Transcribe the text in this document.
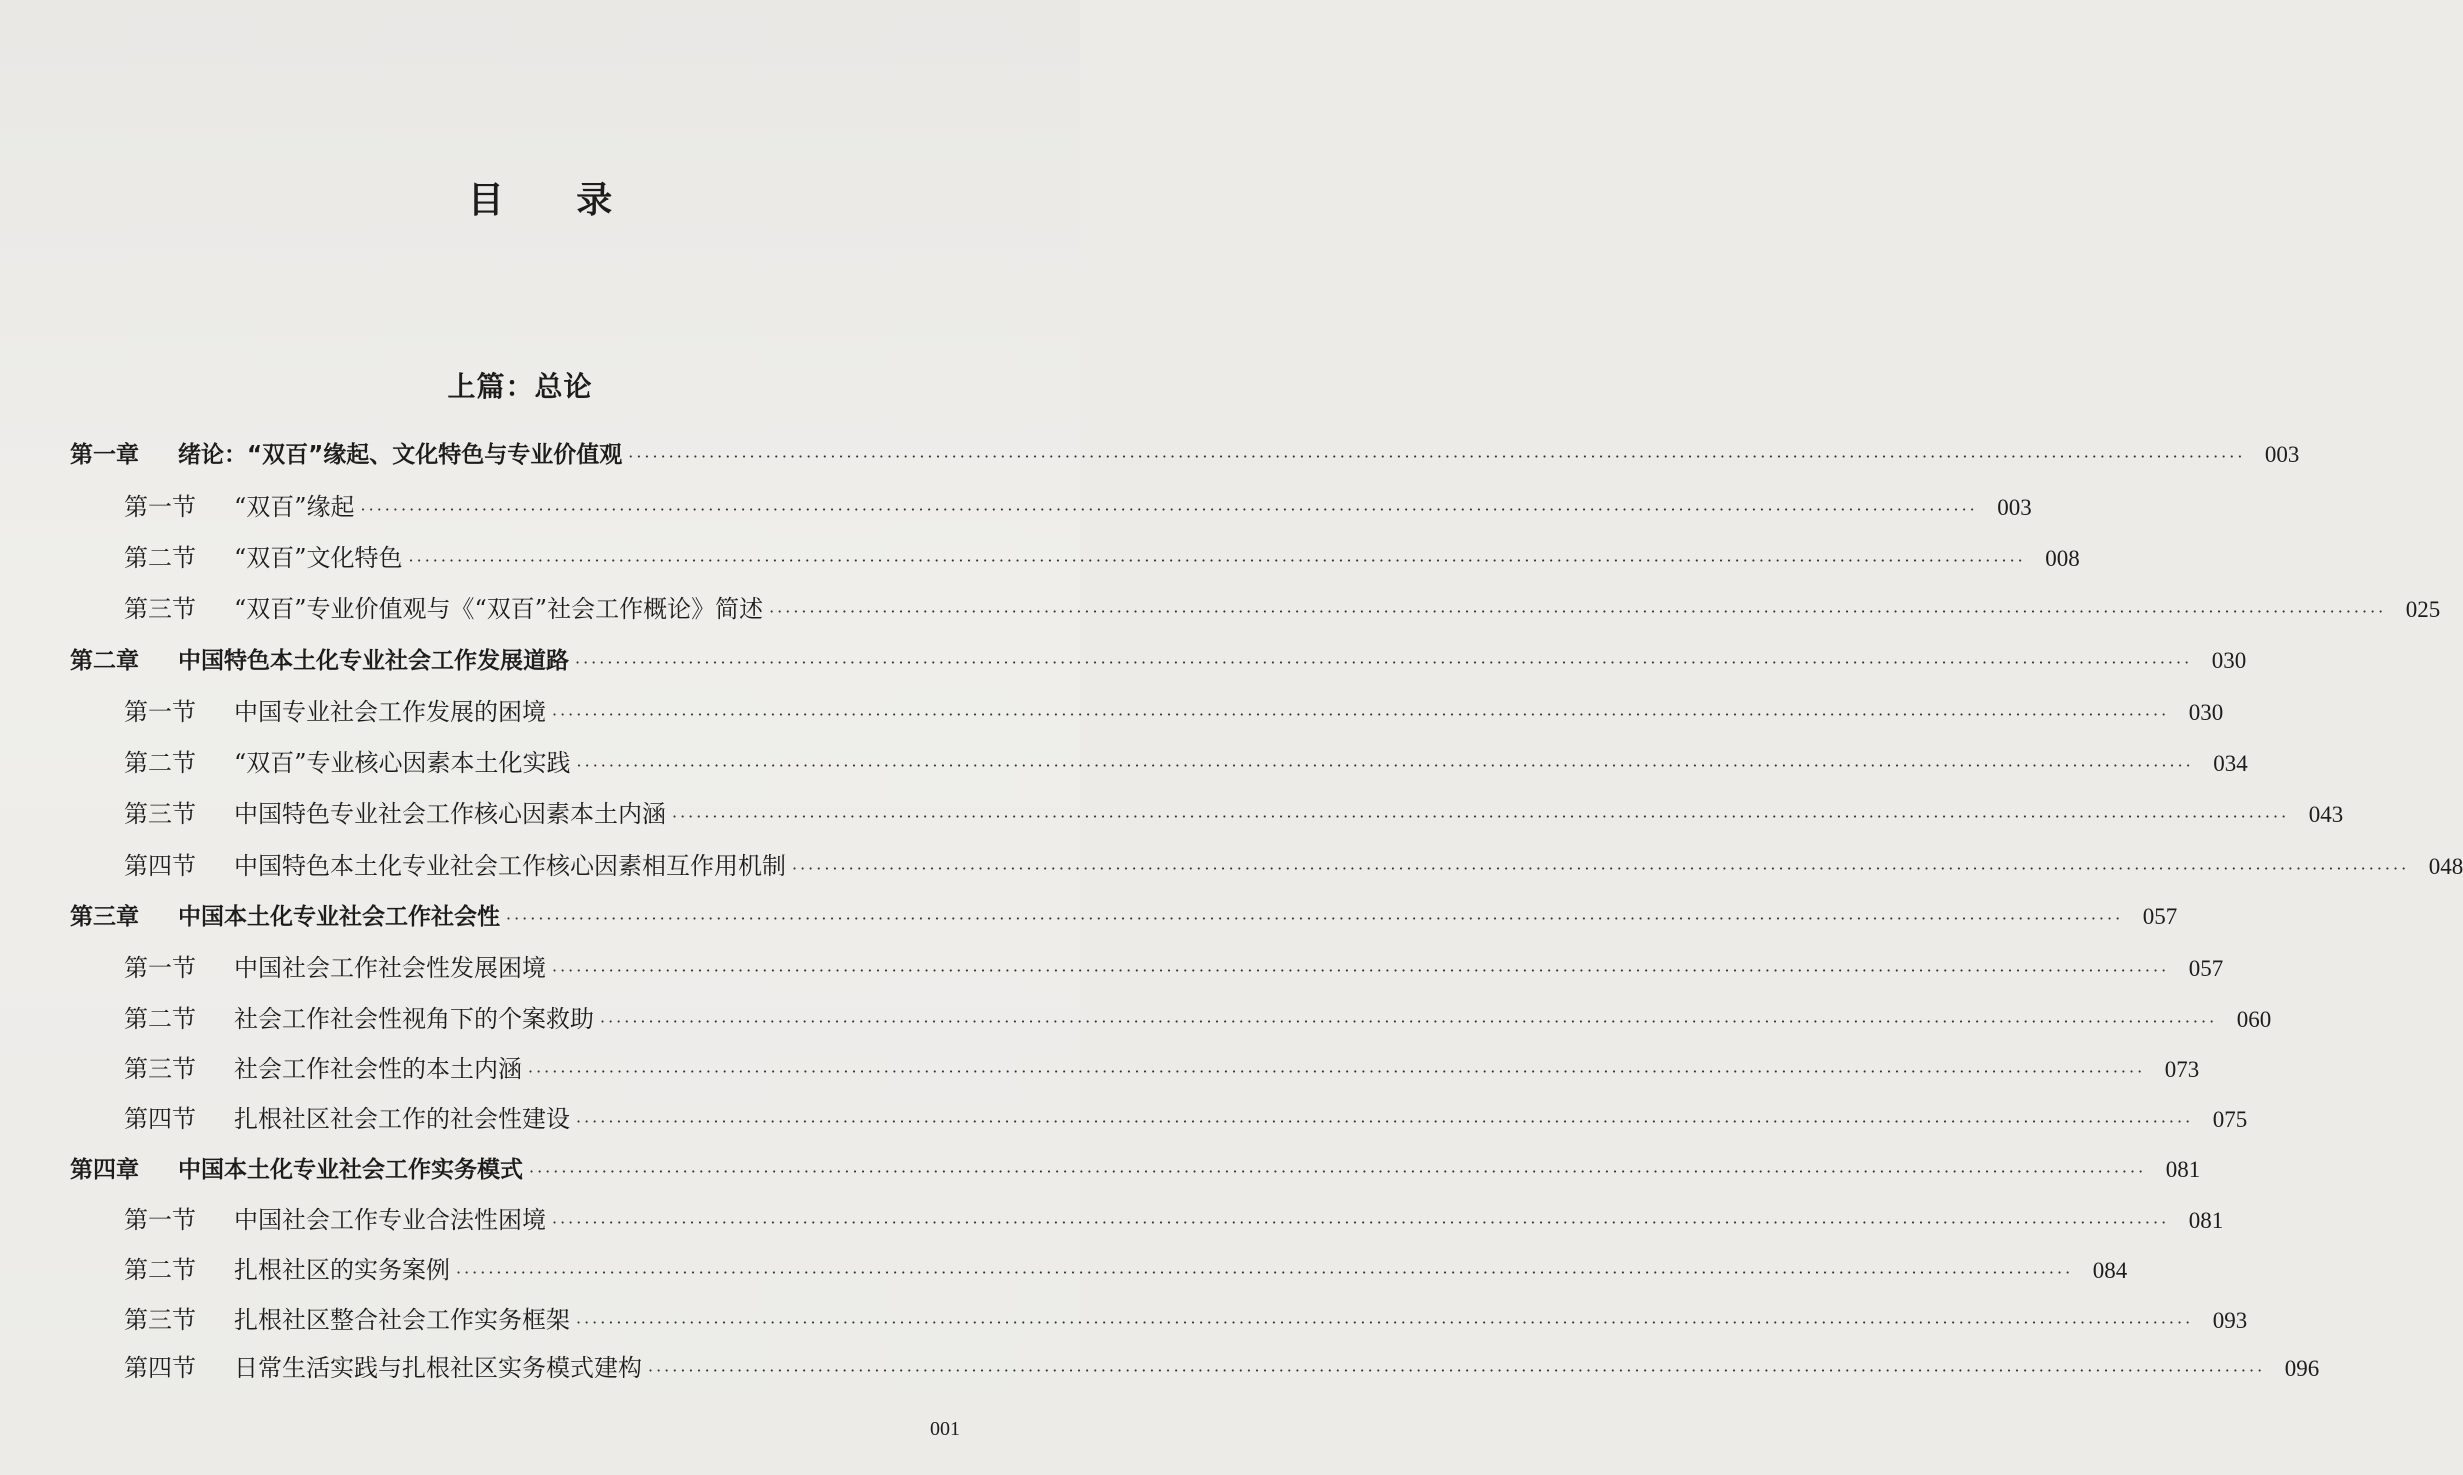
目 录
上篇：总论
第一章	绪论：“双百”缘起、文化特色与专业价值观 ········································································································································································································ 003
第一节	“双百”缘起 ········································································································································································································ 003
第二节	“双百”文化特色 ········································································································································································································ 008
第三节	“双百”专业价值观与《“双百”社会工作概论》简述 ········································································································································································································ 025
第二章	中国特色本土化专业社会工作发展道路 ········································································································································································································ 030
第一节	中国专业社会工作发展的困境 ········································································································································································································ 030
第二节	“双百”专业核心因素本土化实践 ········································································································································································································ 034
第三节	中国特色专业社会工作核心因素本土内涵 ········································································································································································································ 043
第四节	中国特色本土化专业社会工作核心因素相互作用机制 ········································································································································································································ 048
第三章	中国本土化专业社会工作社会性 ········································································································································································································ 057
第一节	中国社会工作社会性发展困境 ········································································································································································································ 057
第二节	社会工作社会性视角下的个案救助 ········································································································································································································ 060
第三节	社会工作社会性的本土内涵 ········································································································································································································ 073
第四节	扎根社区社会工作的社会性建设 ········································································································································································································ 075
第四章	中国本土化专业社会工作实务模式 ········································································································································································································ 081
第一节	中国社会工作专业合法性困境 ········································································································································································································ 081
第二节	扎根社区的实务案例 ········································································································································································································ 084
第三节	扎根社区整合社会工作实务框架 ········································································································································································································ 093
第四节	日常生活实践与扎根社区实务模式建构 ········································································································································································································ 096
001
